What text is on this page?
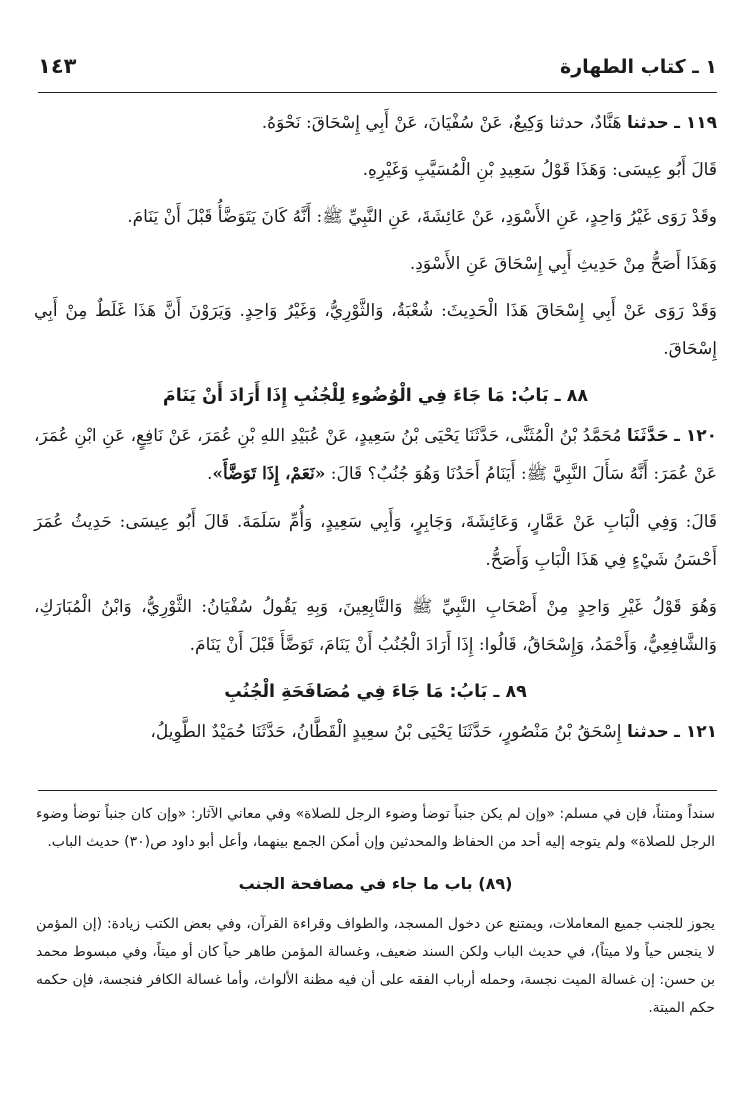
١ ـ كتاب الطهارة
١٤٣

١١٩ ـ حدثنا هَنَّادٌ، حدثنا وَكِيعٌ، عَنْ سُفْيَانَ، عَنْ أَبِي إِسْحَاقَ: نَحْوَهُ.

قَالَ أَبُو عِيسَى: وَهَذَا قَوْلُ سَعِيدِ بْنِ الْمُسَيَّبِ وَغَيْرِهِ.

وقَدْ رَوَى غَيْرُ وَاحِدٍ، عَنِ الأَسْوَدِ، عَنْ عَائِشَةَ، عَنِ النَّبِيِّ ﷺ: أَنَّهُ كَانَ يَتَوَضَّأُ قَبْلَ أَنْ يَنَامَ.

وَهَذَا أَصَحُّ مِنْ حَدِيثِ أَبِي إِسْحَاقَ عَنِ الأَسْوَدِ.

وَقَدْ رَوَى عَنْ أَبِي إِسْحَاقَ هَذَا الْحَدِيثَ: شُعْبَةُ، وَالثَّوْرِيُّ، وَغَيْرُ وَاحِدٍ. وَيَرَوْنَ أَنَّ هَذَا غَلَطٌ مِنْ أَبِي إِسْحَاقَ.

٨٨ ـ بَابُ: مَا جَاءَ فِي الْوُضُوءِ لِلْجُنُبِ إِذَا أَرَادَ أَنْ يَنَامَ

١٢٠ ـ حَدَّثَنَا مُحَمَّدُ بْنُ الْمُثَنَّى، حَدَّثَنَا يَحْيَى بْنُ سَعِيدٍ، عَنْ عُبَيْدِ اللهِ بْنِ عُمَرَ، عَنْ نَافِعٍ، عَنِ ابْنِ عُمَرَ، عَنْ عُمَرَ: أَنَّهُ سَأَلَ النَّبِيَّ ﷺ: أَيَنَامُ أَحَدُنَا وَهُوَ جُنُبٌ؟ قَالَ: «نَعَمْ، إِذَا تَوَضَّأَ».

قَالَ: وَفِي الْبَابِ عَنْ عَمَّارٍ، وَعَائِشَةَ، وَجَابِرٍ، وَأَبِي سَعِيدٍ، وَأُمِّ سَلَمَةَ. قَالَ أَبُو عِيسَى: حَدِيثُ عُمَرَ أَحْسَنُ شَيْءٍ فِي هَذَا الْبَابِ وَأَصَحُّ.

وَهُوَ قَوْلُ غَيْرِ وَاحِدٍ مِنْ أَصْحَابِ النَّبِيِّ ﷺ وَالتَّابِعِينَ، وَبِهِ يَقُولُ سُفْيَانُ: الثَّوْرِيُّ، وَابْنُ الْمُبَارَكِ، وَالشَّافِعِيُّ، وَأَحْمَدُ، وَإِسْحَاقُ، قَالُوا: إِذَا أَرَادَ الْجُنُبُ أَنْ يَنَامَ، تَوَضَّأَ قَبْلَ أَنْ يَنَامَ.

٨٩ ـ بَابُ: مَا جَاءَ فِي مُصَافَحَةِ الْجُنُبِ

١٢١ ـ حدثنا إِسْحَقُ بْنُ مَنْصُورٍ، حَدَّثَنَا يَحْيَى بْنُ سعِيدٍ الْقَطَّانُ، حَدَّثَنَا حُمَيْدٌ الطَّوِيلُ،

سنداً ومتناً، فإن في مسلم: «وإن لم يكن جنباً توضأ وضوء الرجل للصلاة» وفي معاني الآثار: «وإن كان جنباً توضأ وضوء الرجل للصلاة» ولم يتوجه إليه أحد من الحفاظ والمحدثين وإن أمكن الجمع بينهما، وأعل أبو داود ص(٣٠) حديث الباب.

(٨٩) باب ما جاء في مصافحة الجنب

يجوز للجنب جميع المعاملات، ويمتنع عن دخول المسجد، والطواف وقراءة القرآن، وفي بعض الكتب زيادة: (إن المؤمن لا ينجس حياً ولا ميتاً)، في حديث الباب ولكن السند ضعيف، وغسالة المؤمن طاهر حياً كان أو ميتاً، وفي مبسوط محمد بن حسن: إن غسالة الميت نجسة، وحمله أرباب الفقه على أن فيه مظنة الألواث، وأما غسالة الكافر فنجسة، فإن حكمه حكم الميتة.
